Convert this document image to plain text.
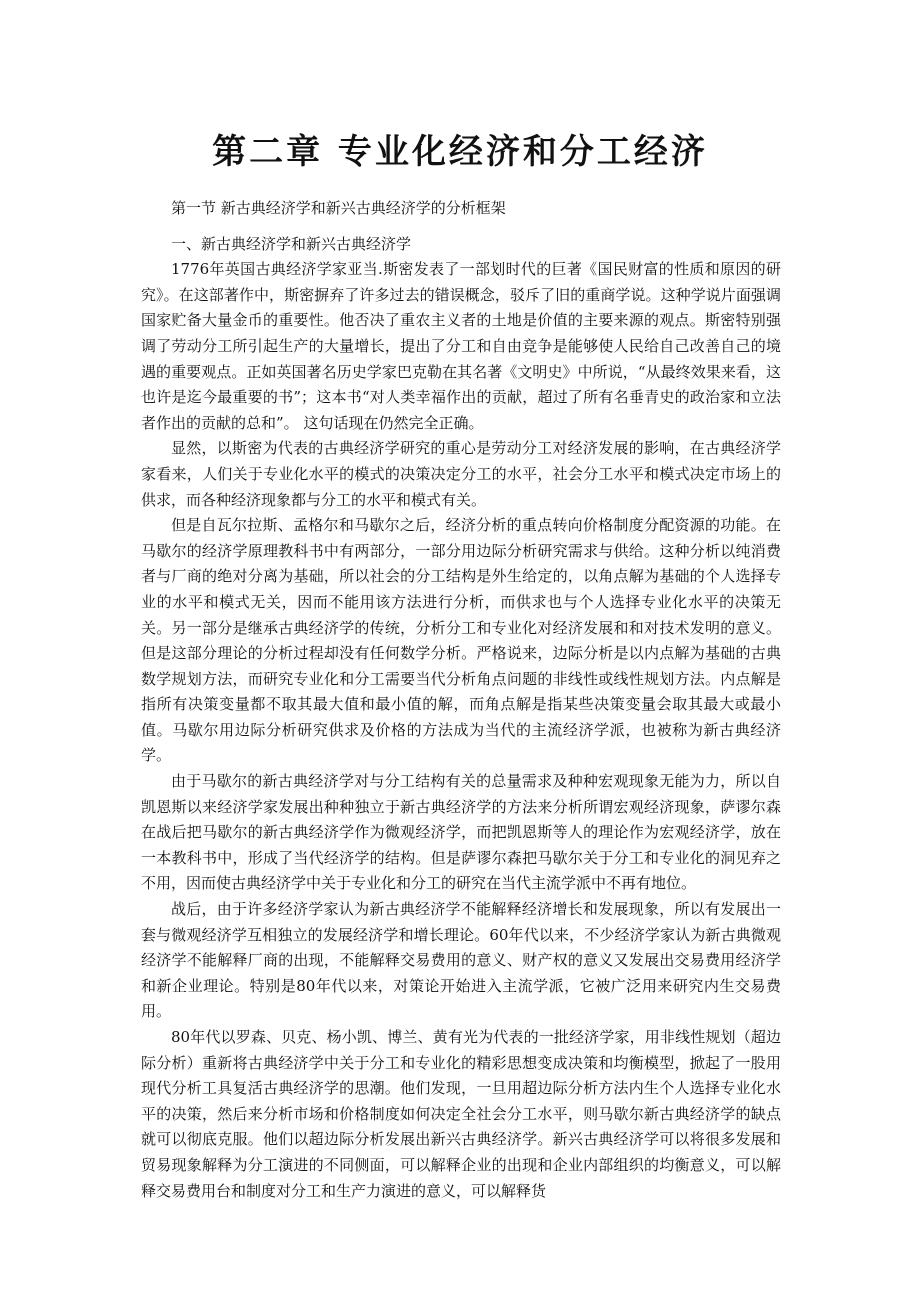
第二章 专业化经济和分工经济

第一节 新古典经济学和新兴古典经济学的分析框架

一、新古典经济学和新兴古典经济学

1776年英国古典经济学家亚当.斯密发表了一部划时代的巨著《国民财富的性质和原因的研究》。在这部著作中，斯密摒弃了许多过去的错误概念，驳斥了旧的重商学说。这种学说片面强调国家贮备大量金币的重要性。他否决了重农主义者的土地是价值的主要来源的观点。斯密特别强调了劳动分工所引起生产的大量增长，提出了分工和自由竞争是能够使人民给自己改善自己的境遇的重要观点。正如英国著名历史学家巴克勒在其名著《文明史》中所说，“从最终效果来看，这也许是迄今最重要的书”；这本书“对人类幸福作出的贡献，超过了所有名垂青史的政治家和立法者作出的贡献的总和”。 这句话现在仍然完全正确。

显然，以斯密为代表的古典经济学研究的重心是劳动分工对经济发展的影响，在古典经济学家看来，人们关于专业化水平的模式的决策决定分工的水平，社会分工水平和模式决定市场上的供求，而各种经济现象都与分工的水平和模式有关。

但是自瓦尔拉斯、孟格尔和马歇尔之后，经济分析的重点转向价格制度分配资源的功能。在马歇尔的经济学原理教科书中有两部分，一部分用边际分析研究需求与供给。这种分析以纯消费者与厂商的绝对分离为基础，所以社会的分工结构是外生给定的，以角点解为基础的个人选择专业的水平和模式无关，因而不能用该方法进行分析，而供求也与个人选择专业化水平的决策无关。另一部分是继承古典经济学的传统，分析分工和专业化对经济发展和和对技术发明的意义。但是这部分理论的分析过程却没有任何数学分析。严格说来，边际分析是以内点解为基础的古典数学规划方法，而研究专业化和分工需要当代分析角点问题的非线性或线性规划方法。内点解是指所有决策变量都不取其最大值和最小值的解，而角点解是指某些决策变量会取其最大或最小值。马歇尔用边际分析研究供求及价格的方法成为当代的主流经济学派，也被称为新古典经济学。

由于马歇尔的新古典经济学对与分工结构有关的总量需求及种种宏观现象无能为力，所以自凯恩斯以来经济学家发展出种种独立于新古典经济学的方法来分析所谓宏观经济现象，萨谬尔森在战后把马歇尔的新古典经济学作为微观经济学，而把凯恩斯等人的理论作为宏观经济学，放在一本教科书中，形成了当代经济学的结构。但是萨谬尔森把马歇尔关于分工和专业化的洞见弃之不用，因而使古典经济学中关于专业化和分工的研究在当代主流学派中不再有地位。

战后，由于许多经济学家认为新古典经济学不能解释经济增长和发展现象，所以有发展出一套与微观经济学互相独立的发展经济学和增长理论。60年代以来，不少经济学家认为新古典微观经济学不能解释厂商的出现，不能解释交易费用的意义、财产权的意义又发展出交易费用经济学和新企业理论。特别是80年代以来，对策论开始进入主流学派，它被广泛用来研究内生交易费用。

80年代以罗森、贝克、杨小凯、博兰、黄有光为代表的一批经济学家，用非线性规划（超边际分析）重新将古典经济学中关于分工和专业化的精彩思想变成决策和均衡模型，掀起了一股用现代分析工具复活古典经济学的思潮。他们发现，一旦用超边际分析方法内生个人选择专业化水平的决策，然后来分析市场和价格制度如何决定全社会分工水平，则马歇尔新古典经济学的缺点就可以彻底克服。他们以超边际分析发展出新兴古典经济学。新兴古典经济学可以将很多发展和贸易现象解释为分工演进的不同侧面，可以解释企业的出现和企业内部组织的均衡意义，可以解释交易费用台和制度对分工和生产力演进的意义，可以解释货
